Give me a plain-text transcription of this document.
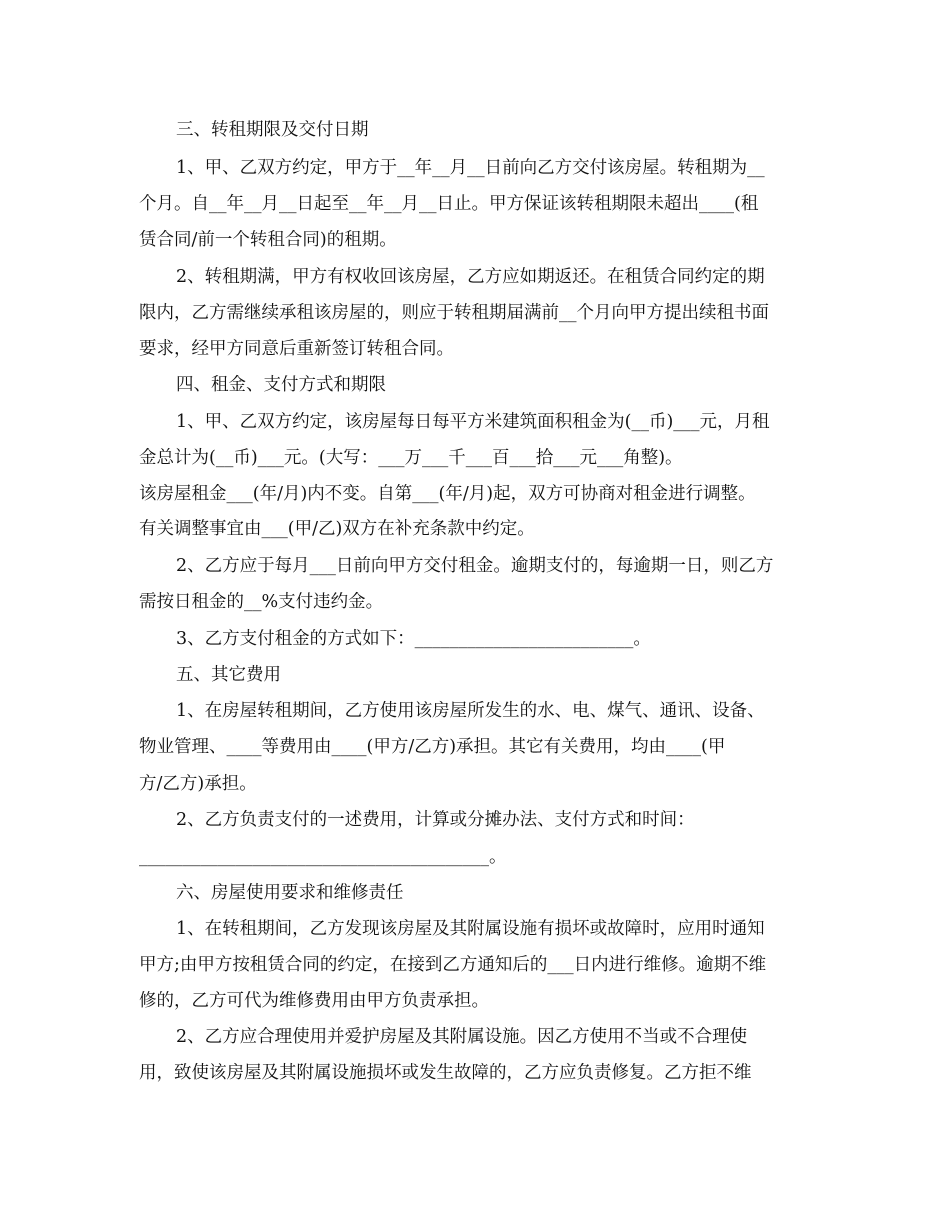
三、转租期限及交付日期
1、甲、乙双方约定，甲方于__年__月__日前向乙方交付该房屋。转租期为__
个月。自__年__月__日起至__年__月__日止。甲方保证该转租期限未超出____(租
赁合同/前一个转租合同)的租期。
2、转租期满，甲方有权收回该房屋，乙方应如期返还。在租赁合同约定的期
限内，乙方需继续承租该房屋的，则应于转租期届满前__个月向甲方提出续租书面
要求，经甲方同意后重新签订转租合同。
四、租金、支付方式和期限
1、甲、乙双方约定，该房屋每日每平方米建筑面积租金为(__币)___元，月租
金总计为(__币)___元。(大写：___万___千___百___拾___元___角整)。
该房屋租金___(年/月)内不变。自第___(年/月)起，双方可协商对租金进行调整。
有关调整事宜由___(甲/乙)双方在补充条款中约定。
2、乙方应于每月___日前向甲方交付租金。逾期支付的，每逾期一日，则乙方
需按日租金的__%支付违约金。
3、乙方支付租金的方式如下：_________________________。
五、其它费用
1、在房屋转租期间，乙方使用该房屋所发生的水、电、煤气、通讯、设备、
物业管理、____等费用由____(甲方/乙方)承担。其它有关费用，均由____(甲
方/乙方)承担。
2、乙方负责支付的一述费用，计算或分摊办法、支付方式和时间：
________________________________________。
六、房屋使用要求和维修责任
1、在转租期间，乙方发现该房屋及其附属设施有损坏或故障时，应用时通知
甲方;由甲方按租赁合同的约定，在接到乙方通知后的___日内进行维修。逾期不维
修的，乙方可代为维修费用由甲方负责承担。
2、乙方应合理使用并爱护房屋及其附属设施。因乙方使用不当或不合理使
用，致使该房屋及其附属设施损坏或发生故障的，乙方应负责修复。乙方拒不维
